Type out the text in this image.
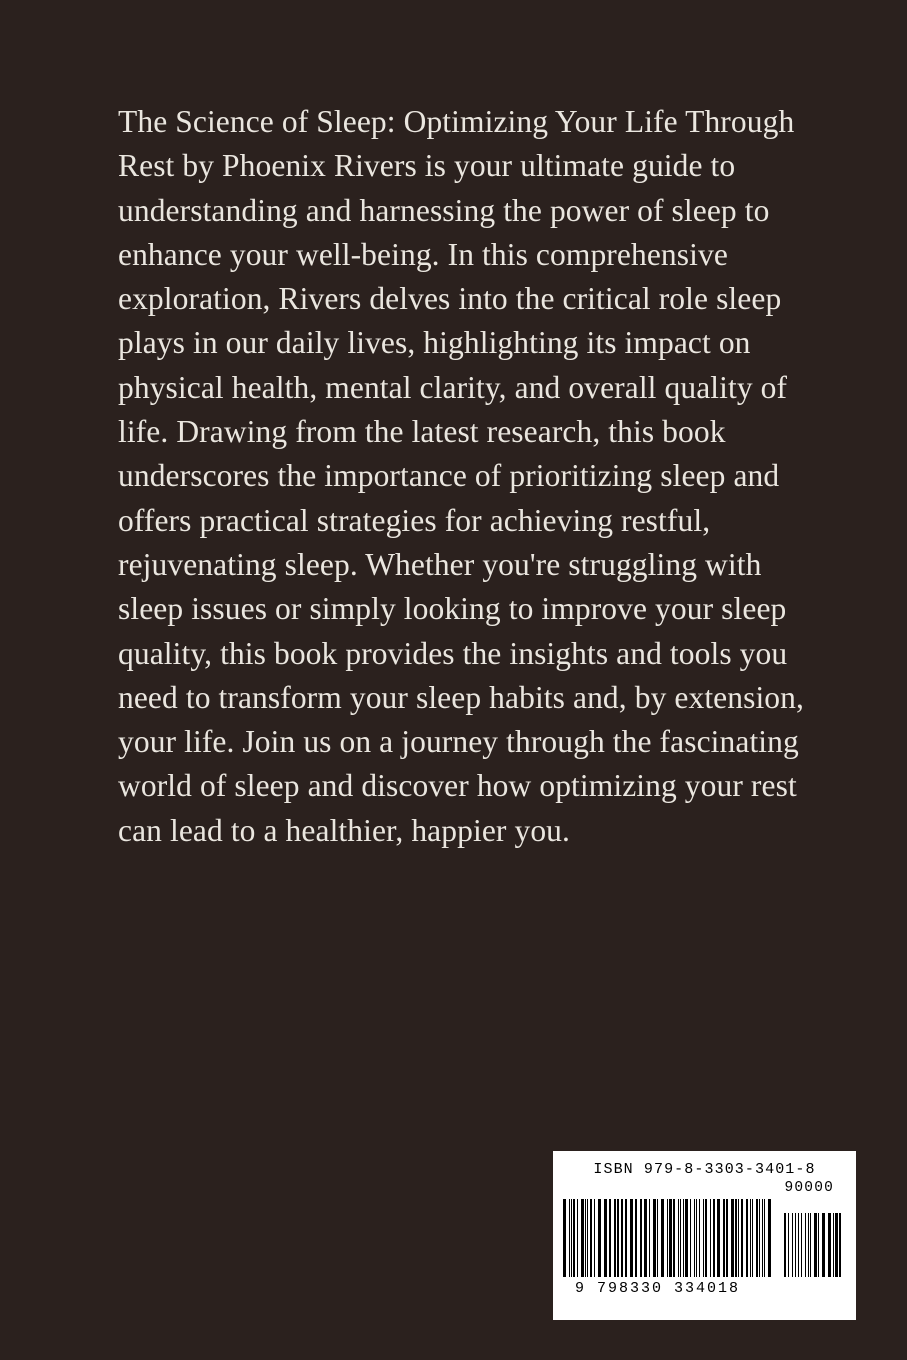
The Science of Sleep: Optimizing Your Life Through Rest by Phoenix Rivers is your ultimate guide to understanding and harnessing the power of sleep to enhance your well-being. In this comprehensive exploration, Rivers delves into the critical role sleep plays in our daily lives, highlighting its impact on physical health, mental clarity, and overall quality of life. Drawing from the latest research, this book underscores the importance of prioritizing sleep and offers practical strategies for achieving restful, rejuvenating sleep. Whether you're struggling with sleep issues or simply looking to improve your sleep quality, this book provides the insights and tools you need to transform your sleep habits and, by extension, your life. Join us on a journey through the fascinating world of sleep and discover how optimizing your rest can lead to a healthier, happier you.
ISBN 979-8-3303-3401-8
90000
9 798330 334018
